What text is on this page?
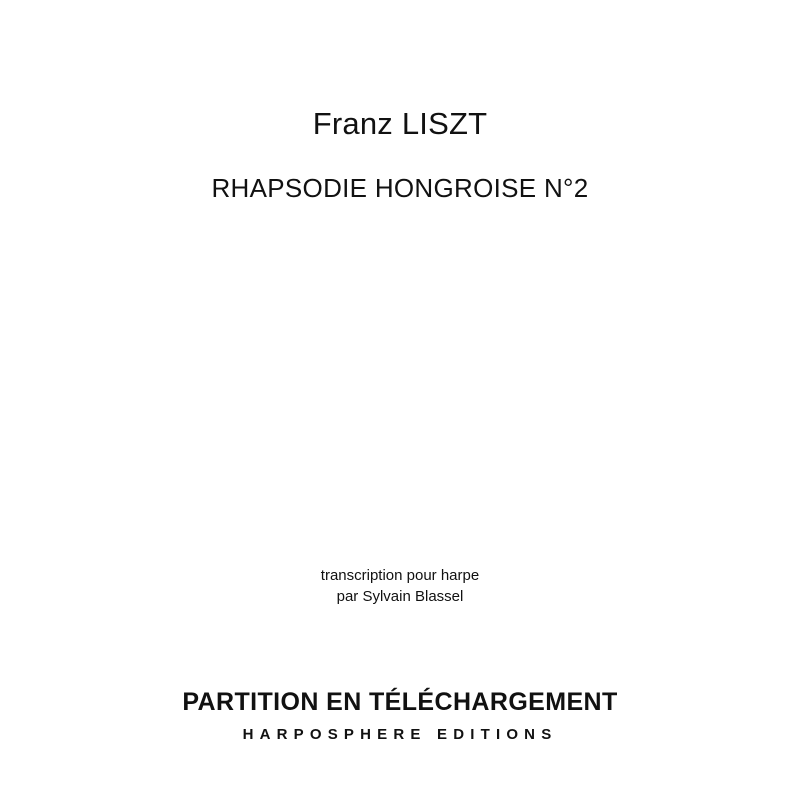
Franz LISZT
RHAPSODIE HONGROISE N°2
transcription pour harpe
par Sylvain Blassel
PARTITION EN TÉLÉCHARGEMENT
HARPOSPHERE EDITIONS
